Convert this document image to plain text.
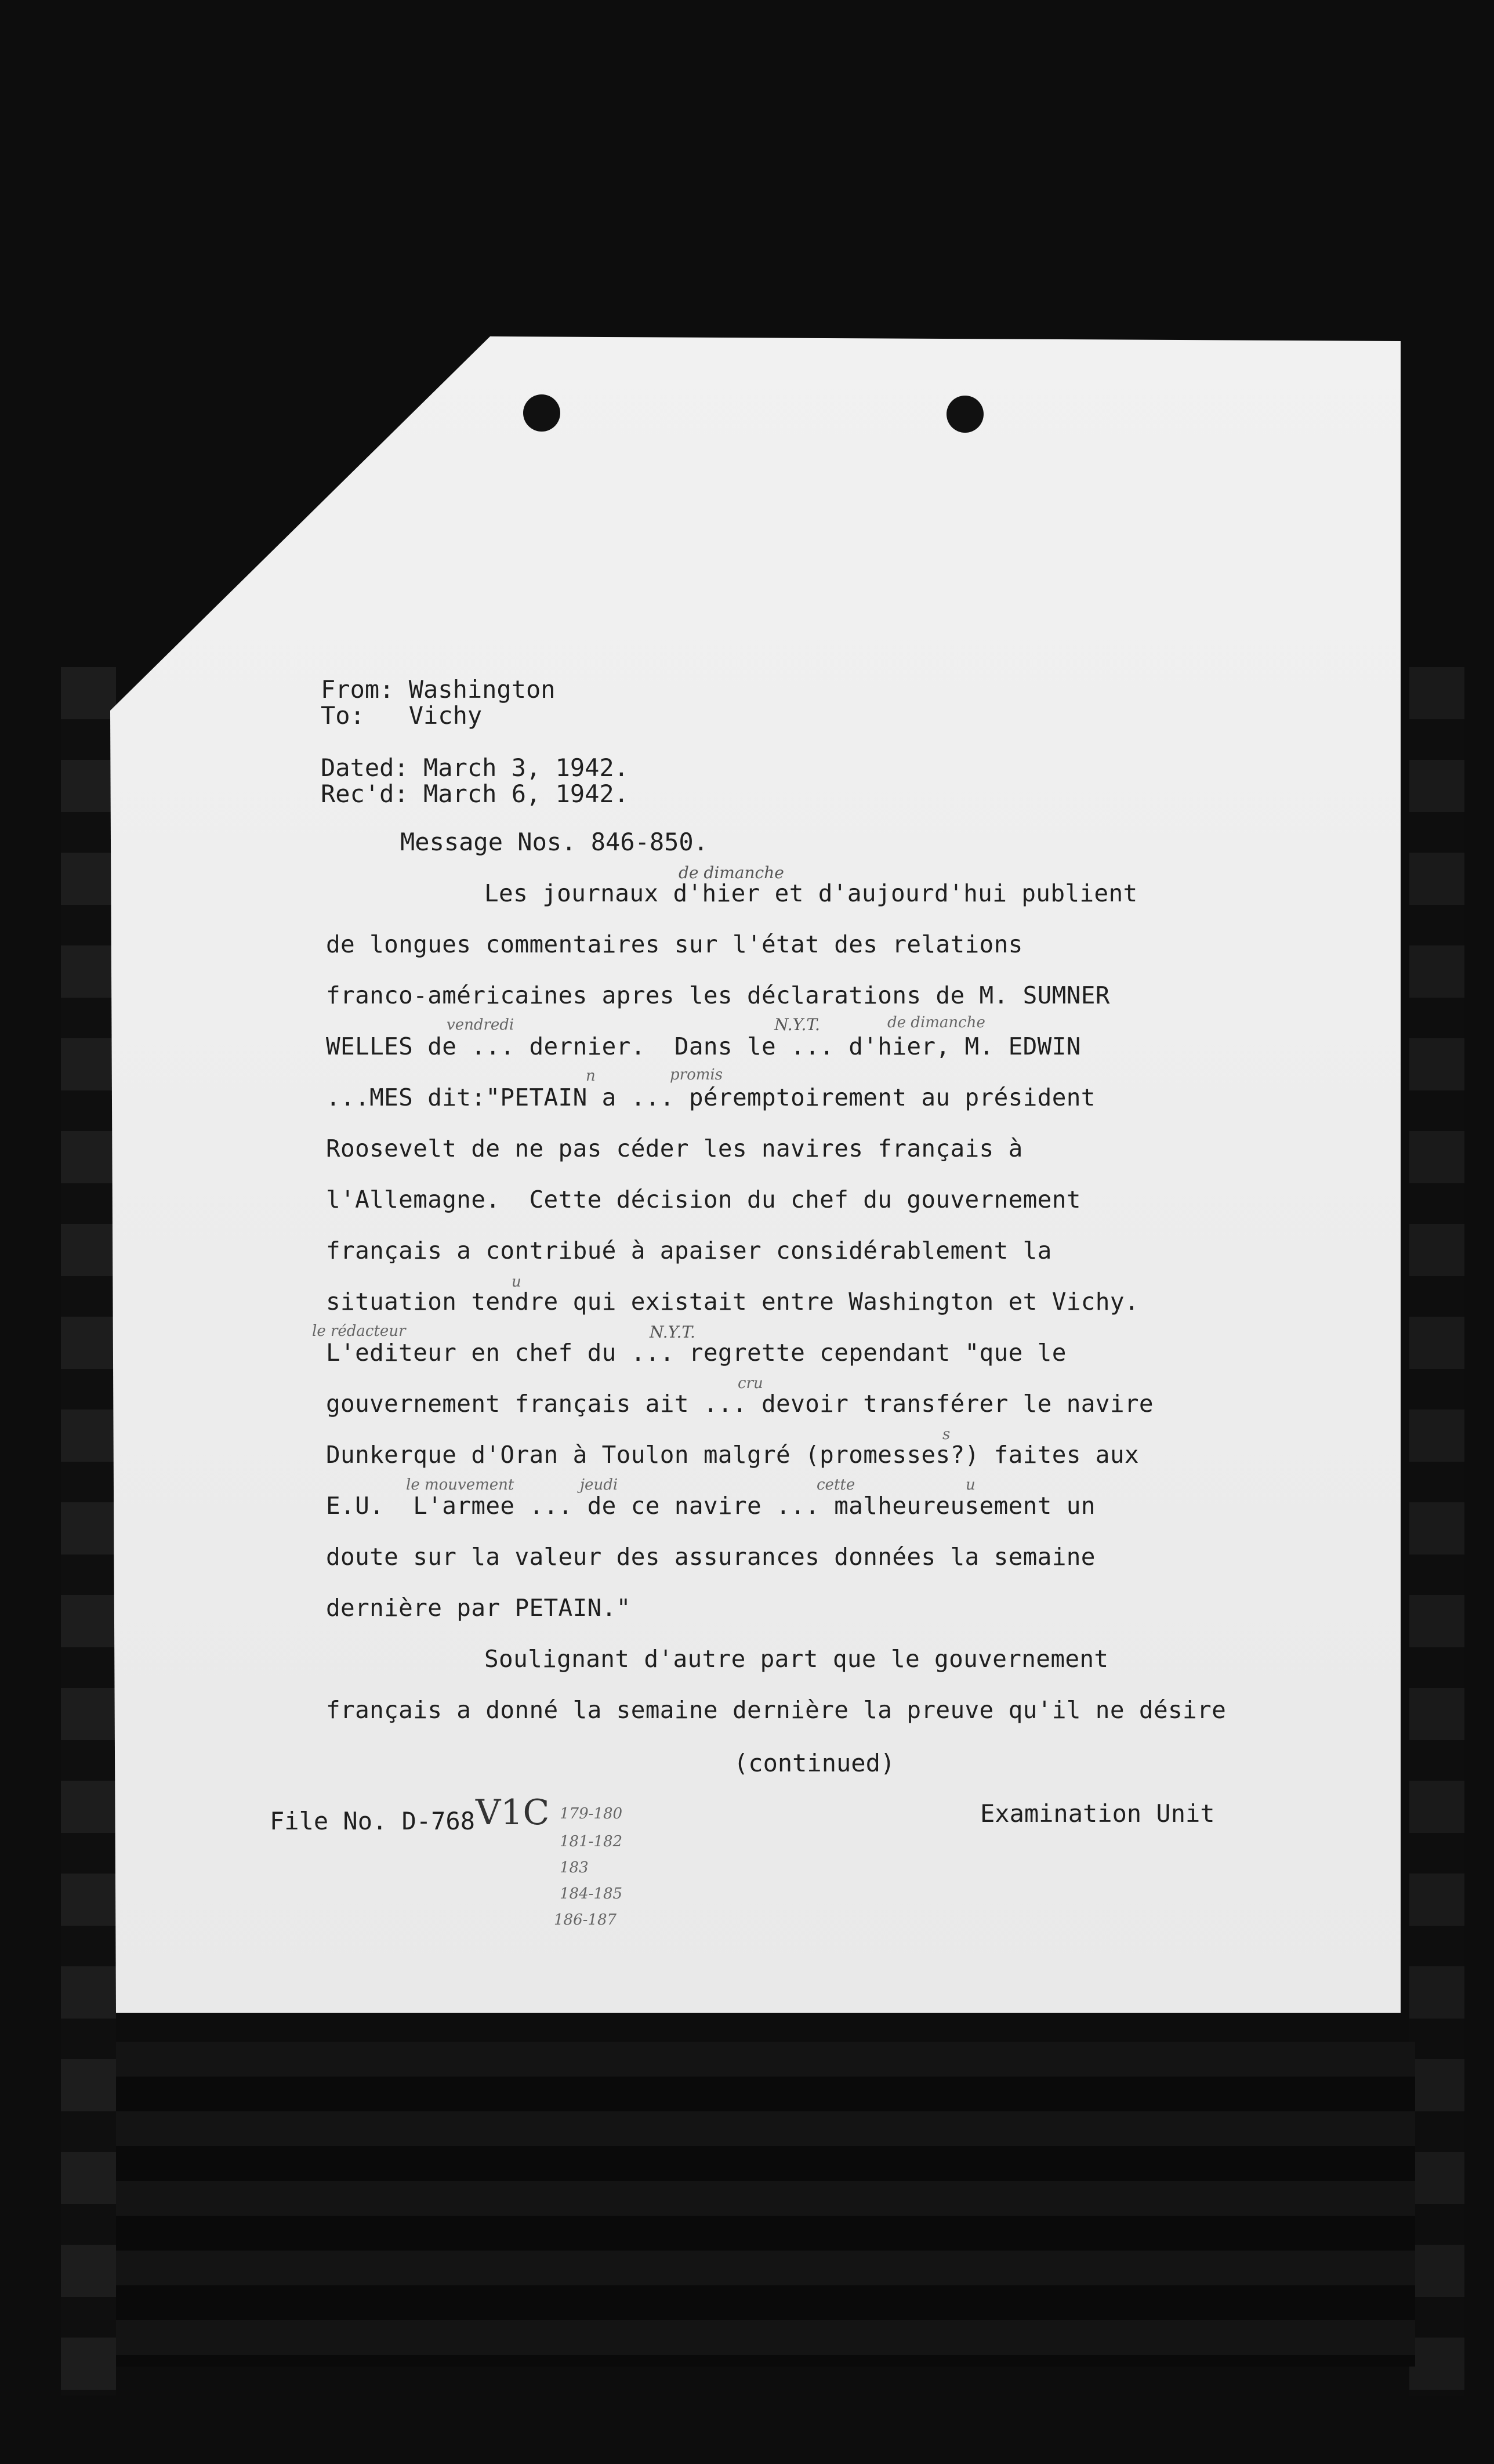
From: Washington
To:   Vichy
Dated: March 3, 1942.
Rec'd: March 6, 1942.
Message Nos. 846-850.
Les journaux d'hier et d'aujourd'hui publient
de longues commentaires sur l'état des relations
franco-américaines apres les déclarations de M. SUMNER
WELLES de ... dernier.  Dans le ... d'hier, M. EDWIN
...MES dit:"PETAIN a ... péremptoirement au président
Roosevelt de ne pas céder les navires français à
l'Allemagne.  Cette décision du chef du gouvernement
français a contribué à apaiser considérablement la
situation tendre qui existait entre Washington et Vichy.
L'editeur en chef du ... regrette cependant "que le
gouvernement français ait ... devoir transférer le navire
Dunkerque d'Oran à Toulon malgré (promesses?) faites aux
E.U.  L'armee ... de ce navire ... malheureusement un
doute sur la valeur des assurances données la semaine
dernière par PETAIN."
Soulignant d'autre part que le gouvernement
français a donné la semaine dernière la preuve qu'il ne désire
(continued)
File No. D-768	Examination Unit
V1C 179-180
181-182
183
184-185
186-187
de dimanche
vendredi	N.Y.T.	de dimanche
n	promis
u
le rédacteur	N.Y.T.
cru
s
le mouvement	jeudi	cette	u
